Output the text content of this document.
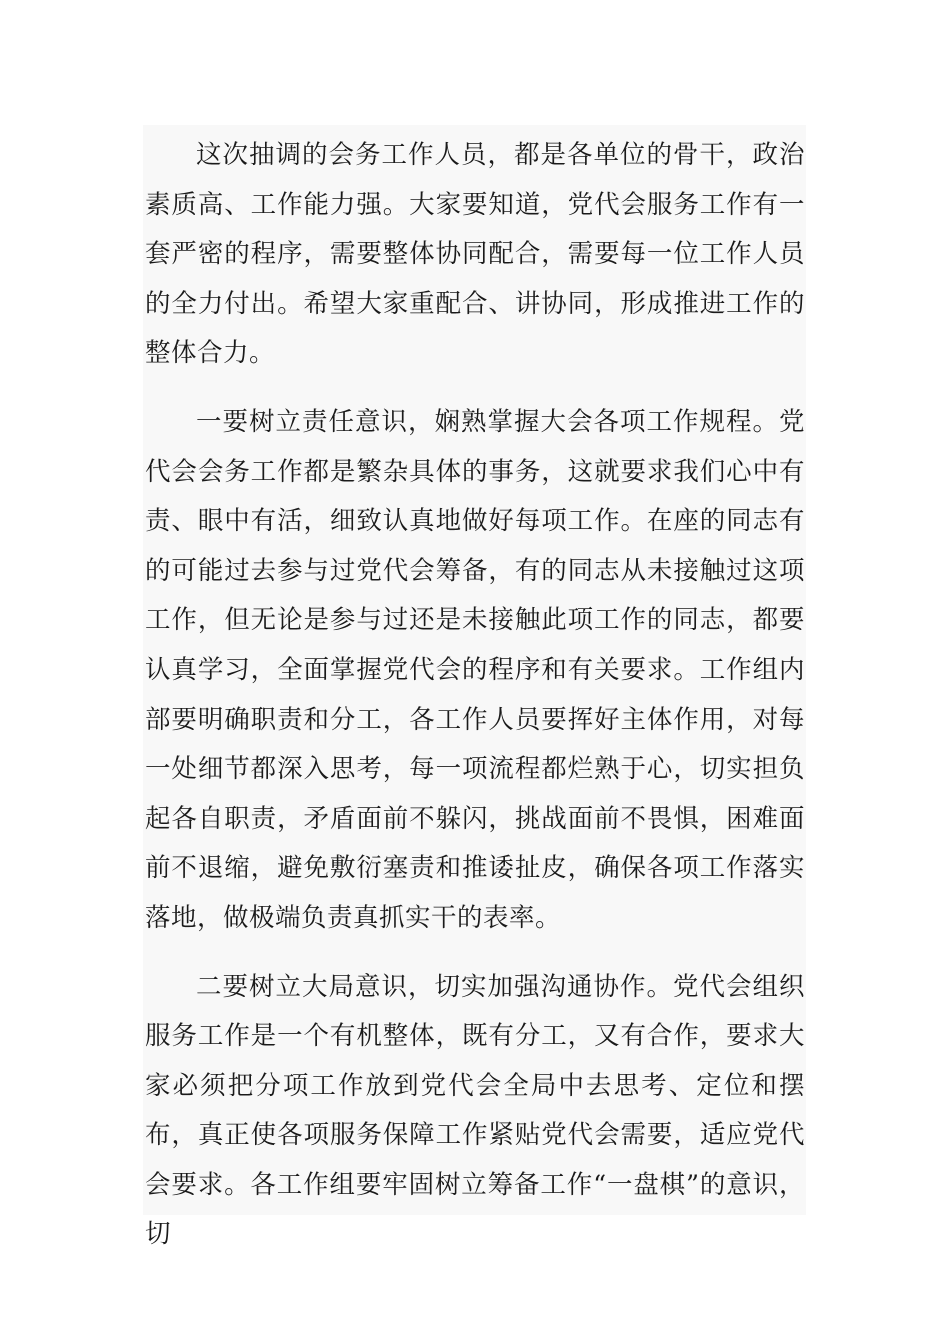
这次抽调的会务工作人员，都是各单位的骨干，政治素质高、工作能力强。大家要知道，党代会服务工作有一套严密的程序，需要整体协同配合，需要每一位工作人员的全力付出。希望大家重配合、讲协同，形成推进工作的整体合力。

一要树立责任意识，娴熟掌握大会各项工作规程。党代会会务工作都是繁杂具体的事务，这就要求我们心中有责、眼中有活，细致认真地做好每项工作。在座的同志有的可能过去参与过党代会筹备，有的同志从未接触过这项工作，但无论是参与过还是未接触此项工作的同志，都要认真学习，全面掌握党代会的程序和有关要求。工作组内部要明确职责和分工，各工作人员要挥好主体作用，对每一处细节都深入思考，每一项流程都烂熟于心，切实担负起各自职责，矛盾面前不躲闪，挑战面前不畏惧，困难面前不退缩，避免敷衍塞责和推诿扯皮，确保各项工作落实落地，做极端负责真抓实干的表率。

二要树立大局意识，切实加强沟通协作。党代会组织服务工作是一个有机整体，既有分工，又有合作，要求大家必须把分项工作放到党代会全局中去思考、定位和摆布，真正使各项服务保障工作紧贴党代会需要，适应党代会要求。各工作组要牢固树立筹备工作“一盘棋”的意识，切
